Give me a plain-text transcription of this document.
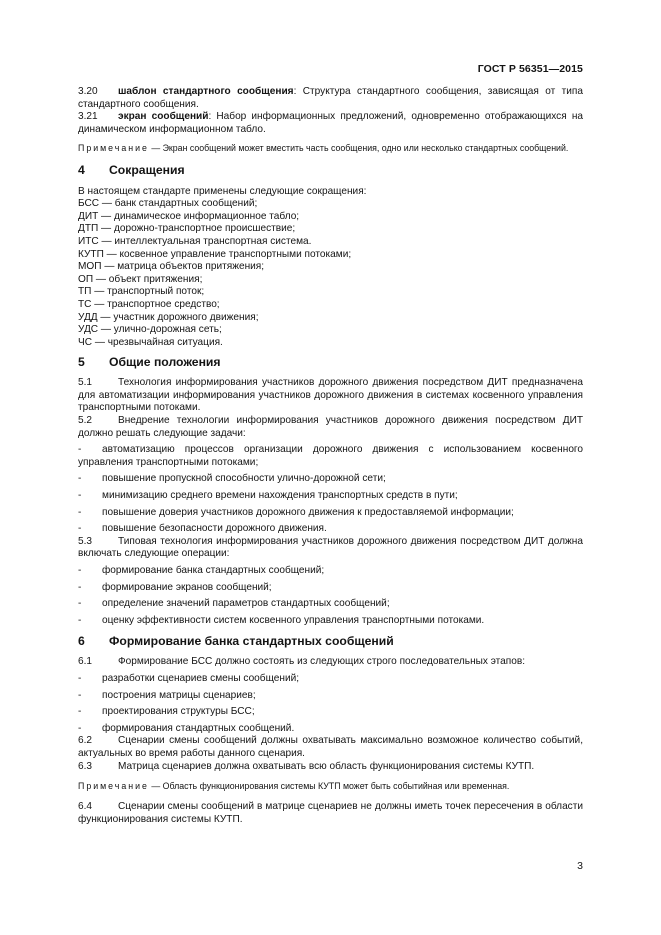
ГОСТ Р 56351—2015

3.20 шаблон стандартного сообщения: Структура стандартного сообщения, зависящая от типа стандартного сообщения.

3.21 экран сообщений: Набор информационных предложений, одновременно отображающихся на динамическом информационном табло.

Примечание — Экран сообщений может вместить часть сообщения, одно или несколько стандартных сообщений.

4 Сокращения

В настоящем стандарте применены следующие сокращения:

БСС — банк стандартных сообщений;

ДИТ — динамическое информационное табло;

ДТП — дорожно-транспортное происшествие;

ИТС — интеллектуальная транспортная система.

КУТП — косвенное управление транспортными потоками;

МОП — матрица объектов притяжения;

ОП — объект притяжения;

ТП — транспортный поток;

ТС — транспортное средство;

УДД — участник дорожного движения;

УДС — улично-дорожная сеть;

ЧС — чрезвычайная ситуация.

5 Общие положения

5.1	Технология информирования участников дорожного движения посредством ДИТ предназначена для автоматизации информирования участников дорожного движения в системах косвенного управления транспортными потоками.

5.2	Внедрение технологии информирования участников дорожного движения посредством ДИТ должно решать следующие задачи:

- автоматизацию процессов организации дорожного движения с использованием косвенного управления транспортными потоками;

- повышение пропускной способности улично-дорожной сети;

- минимизацию среднего времени нахождения транспортных средств в пути;

- повышение доверия участников дорожного движения к предоставляемой информации;

- повышение безопасности дорожного движения.

5.3	Типовая технология информирования участников дорожного движения посредством ДИТ должна включать следующие операции:

- формирование банка стандартных сообщений;

- формирование экранов сообщений;

- определение значений параметров стандартных сообщений;

- оценку эффективности систем косвенного управления транспортными потоками.

6 Формирование банка стандартных сообщений

6.1	Формирование БСС должно состоять из следующих строго последовательных этапов:

- разработки сценариев смены сообщений;

- построения матрицы сценариев;

- проектирования структуры БСС;

- формирования стандартных сообщений.

6.2	Сценарии смены сообщений должны охватывать максимально возможное количество событий, актуальных во время работы данного сценария.

6.3	Матрица сценариев должна охватывать всю область функционирования системы КУТП.

Примечание — Область функционирования системы КУТП может быть событийная или временная.

6.4	Сценарии смены сообщений в матрице сценариев не должны иметь точек пересечения в области функционирования системы КУТП.

3
